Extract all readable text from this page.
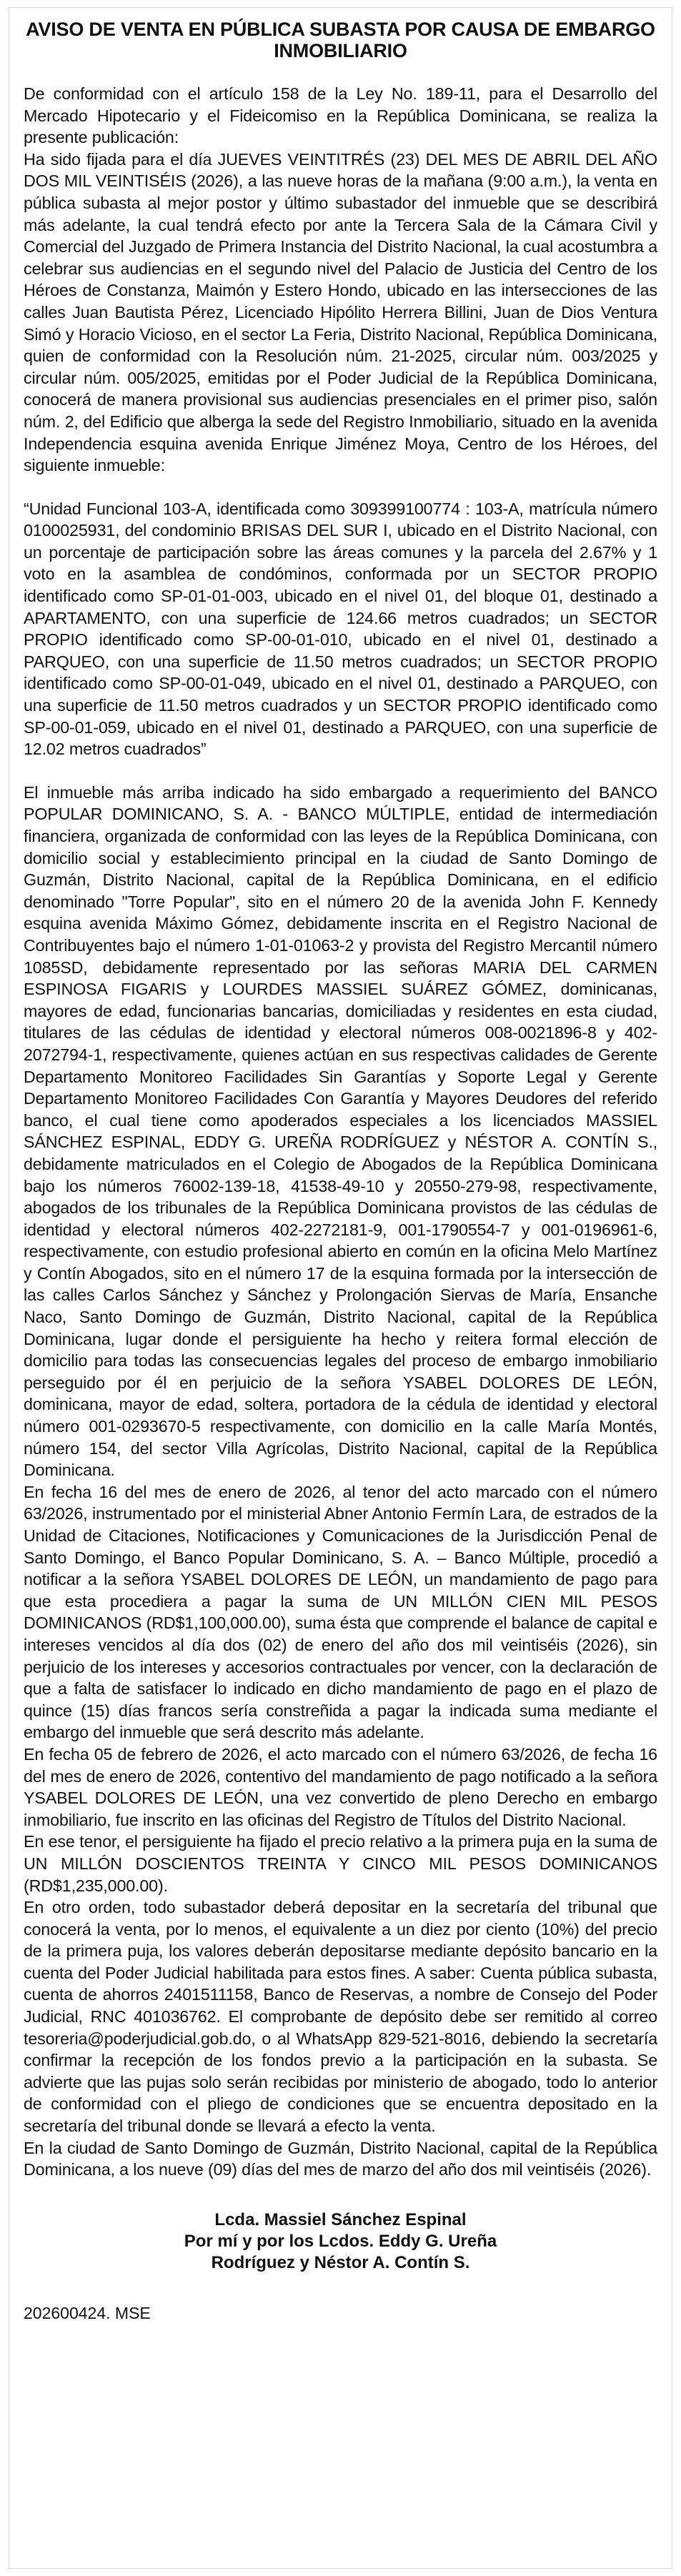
AVISO DE VENTA EN PÚBLICA SUBASTA POR CAUSA DE EMBARGO INMOBILIARIO

De conformidad con el artículo 158 de la Ley No. 189-11, para el Desarrollo del Mercado Hipotecario y el Fideicomiso en la República Dominicana, se realiza la presente publicación:

Ha sido fijada para el día JUEVES VEINTITRÉS (23) DEL MES DE ABRIL DEL AÑO DOS MIL VEINTISÉIS (2026), a las nueve horas de la mañana (9:00 a.m.), la venta en pública subasta al mejor postor y último subastador del inmueble que se describirá más adelante, la cual tendrá efecto por ante la Tercera Sala de la Cámara Civil y Comercial del Juzgado de Primera Instancia del Distrito Nacional, la cual acostumbra a celebrar sus audiencias en el segundo nivel del Palacio de Justicia del Centro de los Héroes de Constanza, Maimón y Estero Hondo, ubicado en las intersecciones de las calles Juan Bautista Pérez, Licenciado Hipólito Herrera Billini, Juan de Dios Ventura Simó y Horacio Vicioso, en el sector La Feria, Distrito Nacional, República Dominicana, quien de conformidad con la Resolución núm. 21-2025, circular núm. 003/2025 y circular núm. 005/2025, emitidas por el Poder Judicial de la República Dominicana, conocerá de manera provisional sus audiencias presenciales en el primer piso, salón núm. 2, del Edificio que alberga la sede del Registro Inmobiliario, situado en la avenida Independencia esquina avenida Enrique Jiménez Moya, Centro de los Héroes, del siguiente inmueble:

“Unidad Funcional 103-A, identificada como 309399100774 : 103-A, matrícula número 0100025931, del condominio BRISAS DEL SUR I, ubicado en el Distrito Nacional, con un porcentaje de participación sobre las áreas comunes y la parcela del 2.67% y 1 voto en la asamblea de condóminos, conformada por un SECTOR PROPIO identificado como SP-01-01-003, ubicado en el nivel 01, del bloque 01, destinado a APARTAMENTO, con una superficie de 124.66 metros cuadrados; un SECTOR PROPIO identificado como SP-00-01-010, ubicado en el nivel 01, destinado a PARQUEO, con una superficie de 11.50 metros cuadrados; un SECTOR PROPIO identificado como SP-00-01-049, ubicado en el nivel 01, destinado a PARQUEO, con una superficie de 11.50 metros cuadrados y un SECTOR PROPIO identificado como SP-00-01-059, ubicado en el nivel 01, destinado a PARQUEO, con una superficie de 12.02 metros cuadrados”

El inmueble más arriba indicado ha sido embargado a requerimiento del BANCO POPULAR DOMINICANO, S. A. - BANCO MÚLTIPLE, entidad de intermediación financiera, organizada de conformidad con las leyes de la República Dominicana, con domicilio social y establecimiento principal en la ciudad de Santo Domingo de Guzmán, Distrito Nacional, capital de la República Dominicana, en el edificio denominado "Torre Popular", sito en el número 20 de la avenida John F. Kennedy esquina avenida Máximo Gómez, debidamente inscrita en el Registro Nacional de Contribuyentes bajo el número 1-01-01063-2 y provista del Registro Mercantil número 1085SD, debidamente representado por las señoras MARIA DEL CARMEN ESPINOSA FIGARIS y LOURDES MASSIEL SUÁREZ GÓMEZ, dominicanas, mayores de edad, funcionarias bancarias, domiciliadas y residentes en esta ciudad, titulares de las cédulas de identidad y electoral números 008-0021896-8 y 402-2072794-1, respectivamente, quienes actúan en sus respectivas calidades de Gerente Departamento Monitoreo Facilidades Sin Garantías y Soporte Legal y Gerente Departamento Monitoreo Facilidades Con Garantía y Mayores Deudores del referido banco, el cual tiene como apoderados especiales a los licenciados MASSIEL SÁNCHEZ ESPINAL, EDDY G. UREÑA RODRÍGUEZ y NÉSTOR A. CONTÍN S., debidamente matriculados en el Colegio de Abogados de la República Dominicana bajo los números 76002-139-18, 41538-49-10 y 20550-279-98, respectivamente, abogados de los tribunales de la República Dominicana provistos de las cédulas de identidad y electoral números 402-2272181-9, 001-1790554-7 y 001-0196961-6, respectivamente, con estudio profesional abierto en común en la oficina Melo Martínez y Contín Abogados, sito en el número 17 de la esquina formada por la intersección de las calles Carlos Sánchez y Sánchez y Prolongación Siervas de María, Ensanche Naco, Santo Domingo de Guzmán, Distrito Nacional, capital de la República Dominicana, lugar donde el persiguiente ha hecho y reitera formal elección de domicilio para todas las consecuencias legales del proceso de embargo inmobiliario perseguido por él en perjuicio de la señora YSABEL DOLORES DE LEÓN, dominicana, mayor de edad, soltera, portadora de la cédula de identidad y electoral número 001-0293670-5 respectivamente, con domicilio en la calle María Montés, número 154, del sector Villa Agrícolas, Distrito Nacional, capital de la República Dominicana.

En fecha 16 del mes de enero de 2026, al tenor del acto marcado con el número 63/2026, instrumentado por el ministerial Abner Antonio Fermín Lara, de estrados de la Unidad de Citaciones, Notificaciones y Comunicaciones de la Jurisdicción Penal de Santo Domingo, el Banco Popular Dominicano, S. A. – Banco Múltiple, procedió a notificar a la señora YSABEL DOLORES DE LEÓN, un mandamiento de pago para que esta procediera a pagar la suma de UN MILLÓN CIEN MIL PESOS DOMINICANOS (RD$1,100,000.00), suma ésta que comprende el balance de capital e intereses vencidos al día dos (02) de enero del año dos mil veintiséis (2026), sin perjuicio de los intereses y accesorios contractuales por vencer, con la declaración de que a falta de satisfacer lo indicado en dicho mandamiento de pago en el plazo de quince (15) días francos sería constreñida a pagar la indicada suma mediante el embargo del inmueble que será descrito más adelante.

En fecha 05 de febrero de 2026, el acto marcado con el número 63/2026, de fecha 16 del mes de enero de 2026, contentivo del mandamiento de pago notificado a la señora YSABEL DOLORES DE LEÓN, una vez convertido de pleno Derecho en embargo inmobiliario, fue inscrito en las oficinas del Registro de Títulos del Distrito Nacional.

En ese tenor, el persiguiente ha fijado el precio relativo a la primera puja en la suma de UN MILLÓN DOSCIENTOS TREINTA Y CINCO MIL PESOS DOMINICANOS (RD$1,235,000.00).

En otro orden, todo subastador deberá depositar en la secretaría del tribunal que conocerá la venta, por lo menos, el equivalente a un diez por ciento (10%) del precio de la primera puja, los valores deberán depositarse mediante depósito bancario en la cuenta del Poder Judicial habilitada para estos fines. A saber: Cuenta pública subasta, cuenta de ahorros 2401511158, Banco de Reservas, a nombre de Consejo del Poder Judicial, RNC 401036762. El comprobante de depósito debe ser remitido al correo tesoreria@poderjudicial.gob.do, o al WhatsApp 829-521-8016, debiendo la secretaría confirmar la recepción de los fondos previo a la participación en la subasta. Se advierte que las pujas solo serán recibidas por ministerio de abogado, todo lo anterior de conformidad con el pliego de condiciones que se encuentra depositado en la secretaría del tribunal donde se llevará a efecto la venta.

En la ciudad de Santo Domingo de Guzmán, Distrito Nacional, capital de la República Dominicana, a los nueve (09) días del mes de marzo del año dos mil veintiséis (2026).

Lcda. Massiel Sánchez Espinal
Por mí y por los Lcdos. Eddy G. Ureña
Rodríguez y Néstor A. Contín S.
202600424. MSE
